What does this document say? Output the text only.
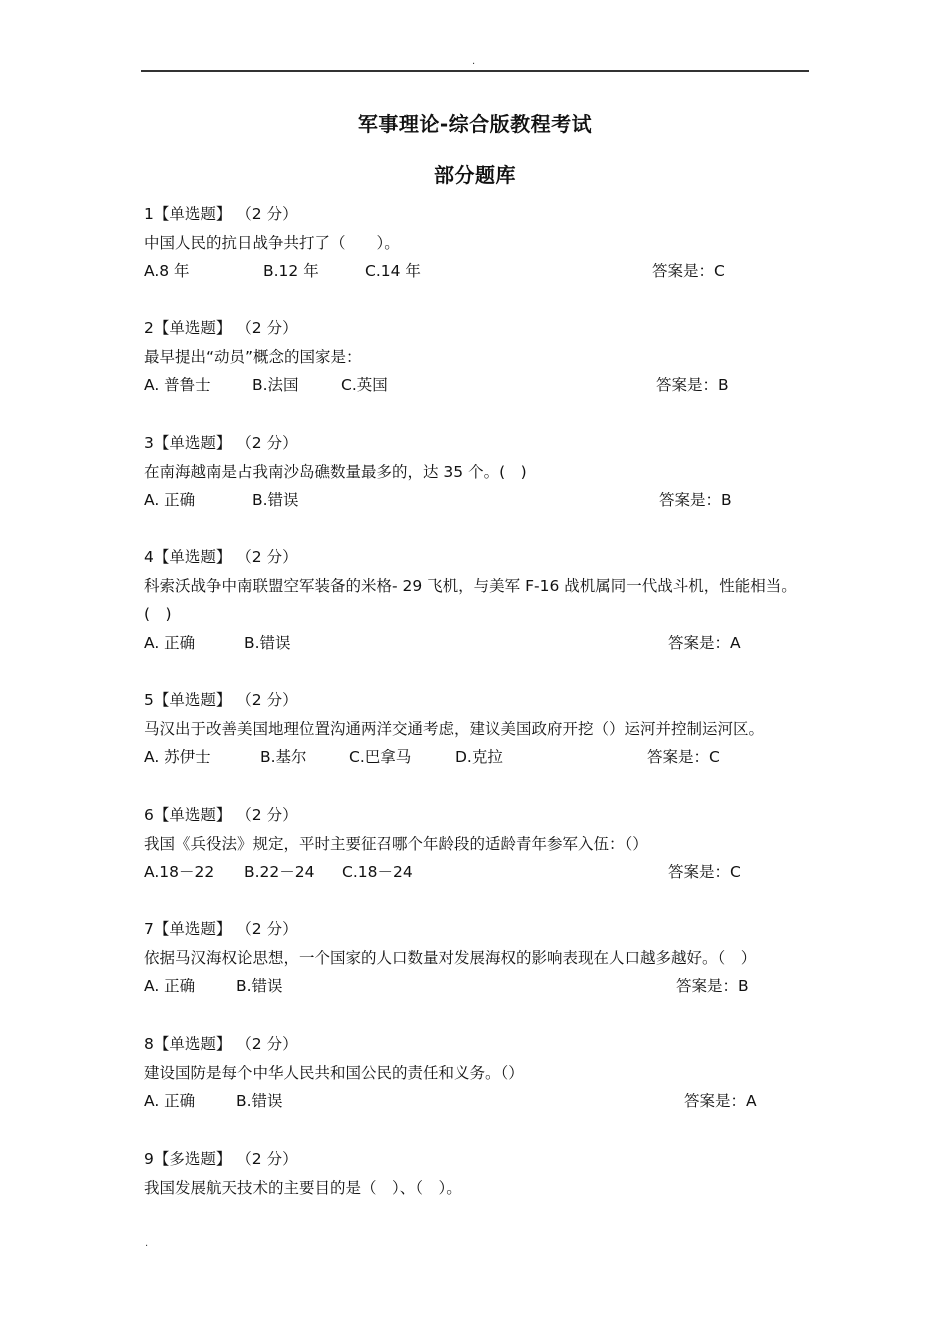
.
军事理论-综合版教程考试
部分题库
1【单选题】 （2 分）
中国人民的抗日战争共打了（　　）。
A.8 年	B.12 年	C.14 年	答案是：C
2【单选题】 （2 分）
最早提出“动员”概念的国家是：
A. 普鲁士	B.法国	C.英国	答案是：B
3【单选题】 （2 分）
在南海越南是占我南沙岛礁数量最多的，达 35 个。(　)
A. 正确	B.错误	答案是：B
4【单选题】 （2 分）
科索沃战争中南联盟空军装备的米格- 29 飞机，与美军 F-16 战机属同一代战斗机，性能相当。(　)
A. 正确	B.错误	答案是：A
5【单选题】 （2 分）
马汉出于改善美国地理位置沟通两洋交通考虑，建议美国政府开挖（）运河并控制运河区。
A. 苏伊士	B.基尔	C.巴拿马	D.克拉	答案是：C
6【单选题】 （2 分）
我国《兵役法》规定，平时主要征召哪个年龄段的适龄青年参军入伍：（）
A.18－22 B.22－24 C.18－24	答案是：C
7【单选题】 （2 分）
依据马汉海权论思想，一个国家的人口数量对发展海权的影响表现在人口越多越好。（　）
A. 正确	B.错误	答案是：B
8【单选题】 （2 分）
建设国防是每个中华人民共和国公民的责任和义务。（）
A. 正确	B.错误	答案是：A
9【多选题】 （2 分）
我国发展航天技术的主要目的是（　）、（　）。
.
